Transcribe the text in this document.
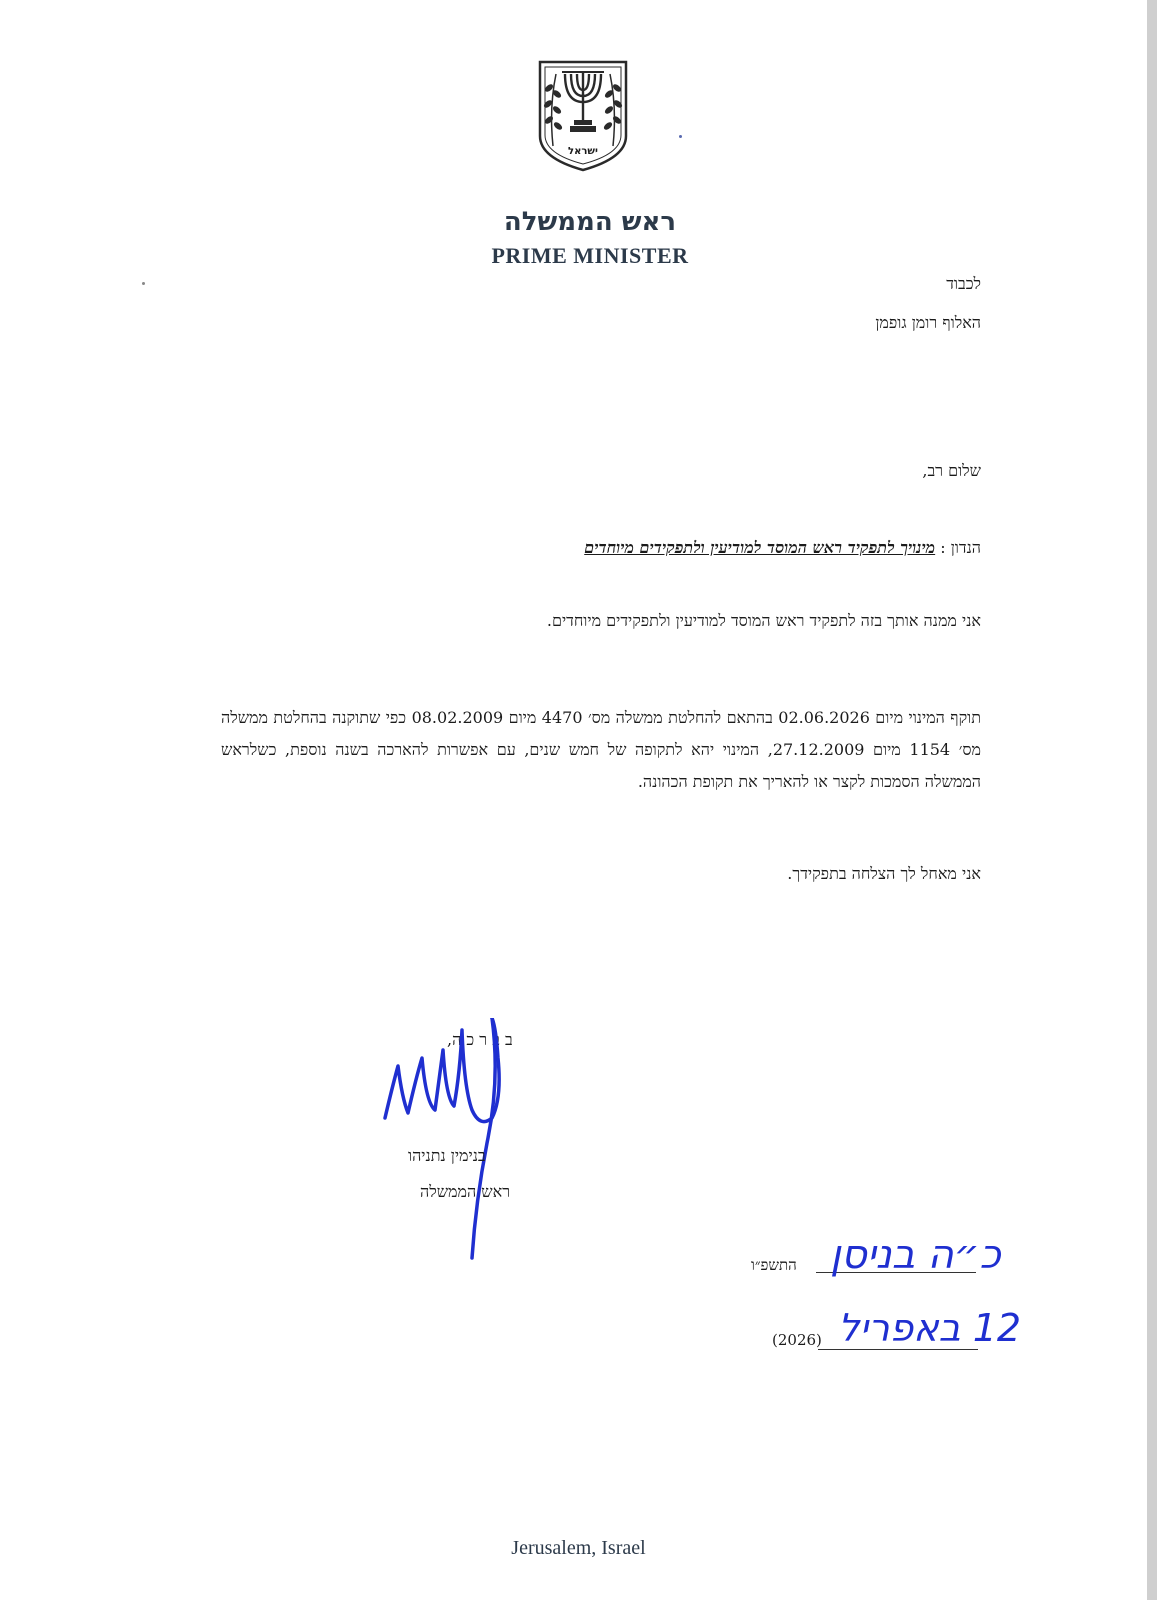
ישראל
ראש הממשלה
PRIME MINISTER
לכבוד
האלוף רומן גופמן
שלום רב,
הנדון : מינויך לתפקיד ראש המוסד למודיעין ולתפקידים מיוחדים
אני ממנה אותך בזה לתפקיד ראש המוסד למודיעין ולתפקידים מיוחדים.
תוקף המינוי מיום 02.06.2026 בהתאם להחלטת ממשלה מס׳ 4470 מיום 08.02.2009 כפי שתוקנה בהחלטת ממשלה מס׳ 1154 מיום 27.12.2009, המינוי יהא לתקופה של חמש שנים, עם אפשרות להארכה בשנה נוספת, כשלראש הממשלה הסמכות לקצר או להאריך את תקופת הכהונה.
אני מאחל לך הצלחה בתפקידך.
ב ב ר כ ה,
בנימין נתניהו
ראש הממשלה
התשפ״ו כ״ה בניסן
(2026) 12 באפריל
Jerusalem, Israel
